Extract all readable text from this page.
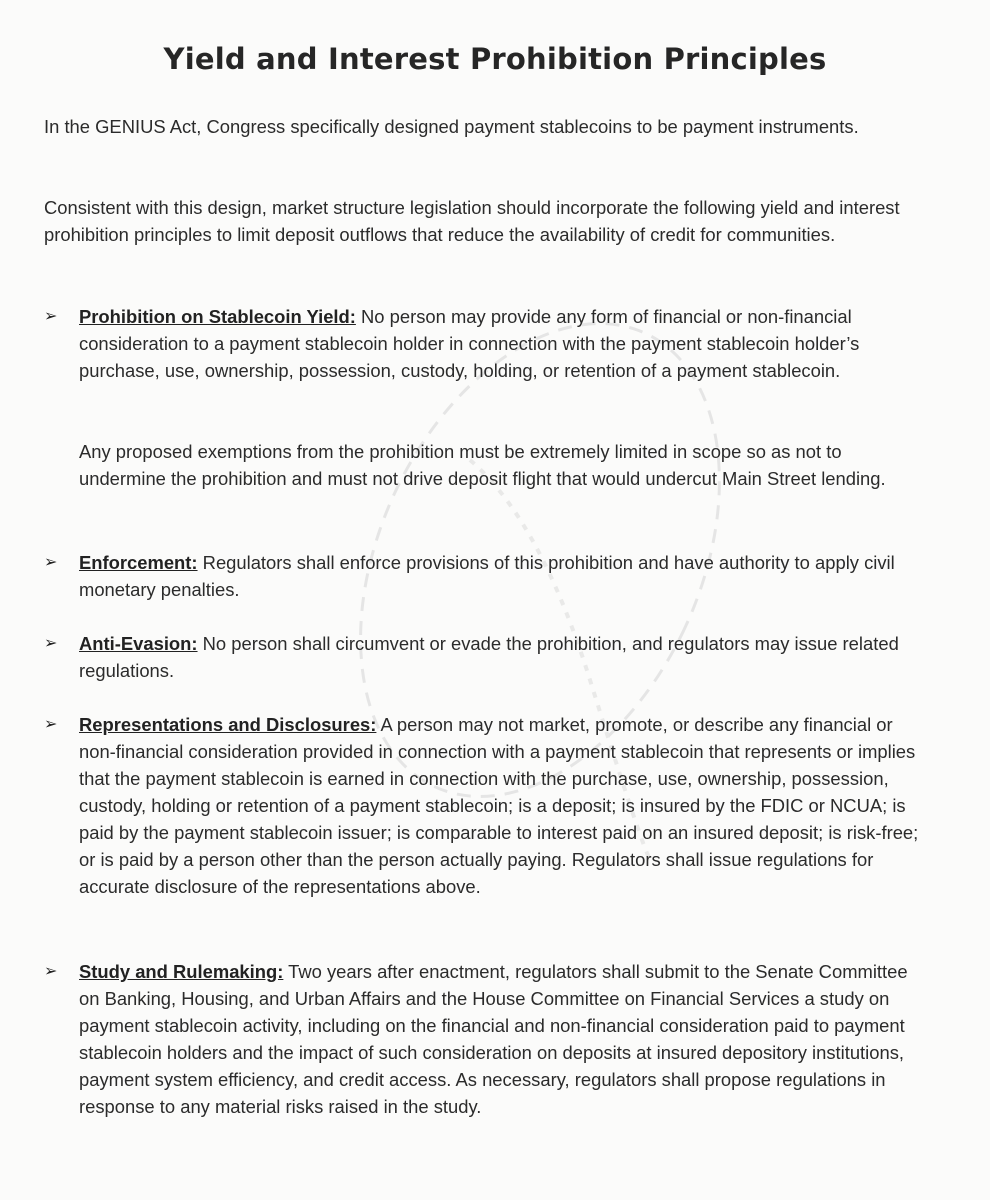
Yield and Interest Prohibition Principles
In the GENIUS Act, Congress specifically designed payment stablecoins to be payment instruments.
Consistent with this design, market structure legislation should incorporate the following yield and interest prohibition principles to limit deposit outflows that reduce the availability of credit for communities.
➢	Prohibition on Stablecoin Yield: No person may provide any form of financial or non-financial consideration to a payment stablecoin holder in connection with the payment stablecoin holder’s purchase, use, ownership, possession, custody, holding, or retention of a payment stablecoin.
Any proposed exemptions from the prohibition must be extremely limited in scope so as not to undermine the prohibition and must not drive deposit flight that would undercut Main Street lending.
➢	Enforcement: Regulators shall enforce provisions of this prohibition and have authority to apply civil monetary penalties.
➢	Anti-Evasion: No person shall circumvent or evade the prohibition, and regulators may issue related regulations.
➢	Representations and Disclosures: A person may not market, promote, or describe any financial or non-financial consideration provided in connection with a payment stablecoin that represents or implies that the payment stablecoin is earned in connection with the purchase, use, ownership, possession, custody, holding or retention of a payment stablecoin; is a deposit; is insured by the FDIC or NCUA; is paid by the payment stablecoin issuer; is comparable to interest paid on an insured deposit; is risk-free; or is paid by a person other than the person actually paying. Regulators shall issue regulations for accurate disclosure of the representations above.
➢	Study and Rulemaking: Two years after enactment, regulators shall submit to the Senate Committee on Banking, Housing, and Urban Affairs and the House Committee on Financial Services a study on payment stablecoin activity, including on the financial and non-financial consideration paid to payment stablecoin holders and the impact of such consideration on deposits at insured depository institutions, payment system efficiency, and credit access. As necessary, regulators shall propose regulations in response to any material risks raised in the study.
